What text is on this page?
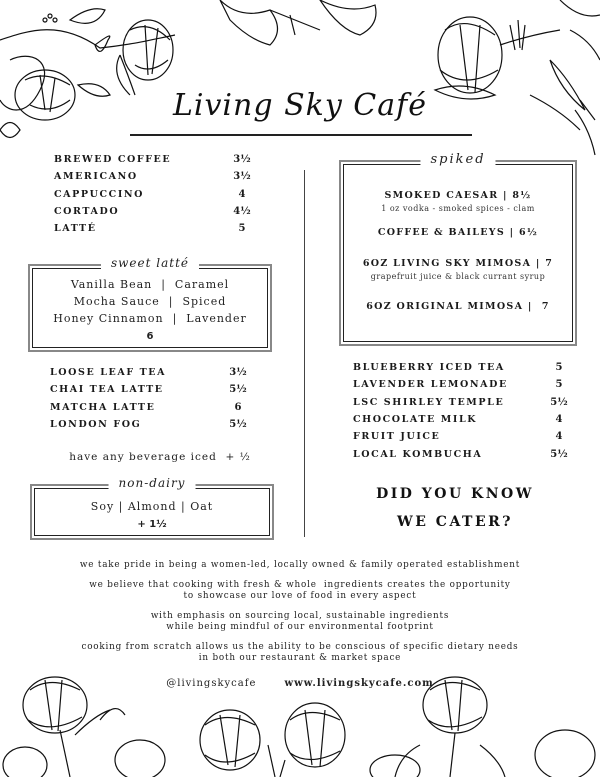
Living Sky Café
BREWED COFFEE	3½
AMERICANO	3½
CAPPUCCINO	4
CORTADO	4½
LATTÉ	5
sweet latté
Vanilla Bean  |  Caramel
Mocha Sauce  |  Spiced
Honey Cinnamon  |  Lavender
6
LOOSE LEAF TEA	3½
CHAI TEA LATTE	5½
MATCHA LATTE	6
LONDON FOG	5½
have any beverage iced  + ½
non-dairy
Soy | Almond | Oat
+ 1½
spiked
SMOKED CAESAR | 8½
1 oz vodka - smoked spices - clam
COFFEE & BAILEYS | 6½
6OZ LIVING SKY MIMOSA | 7
grapefruit juice & black currant syrup
6OZ ORIGINAL MIMOSA |  7
BLUEBERRY ICED TEA	5
LAVENDER LEMONADE	5
LSC SHIRLEY TEMPLE	5½
CHOCOLATE MILK	4
FRUIT JUICE	4
LOCAL KOMBUCHA	5½
DID YOU KNOW
WE CATER?

we take pride in being a women-led, locally owned & family operated establishment

we believe that cooking with fresh & whole  ingredients creates the opportunity
to showcase our love of food in every aspect

with emphasis on sourcing local, sustainable ingredients
while being mindful of our environmental footprint

cooking from scratch allows us the ability to be conscious of specific dietary needs
in both our restaurant & market space

@livingskycafe	www.livingskycafe.com
